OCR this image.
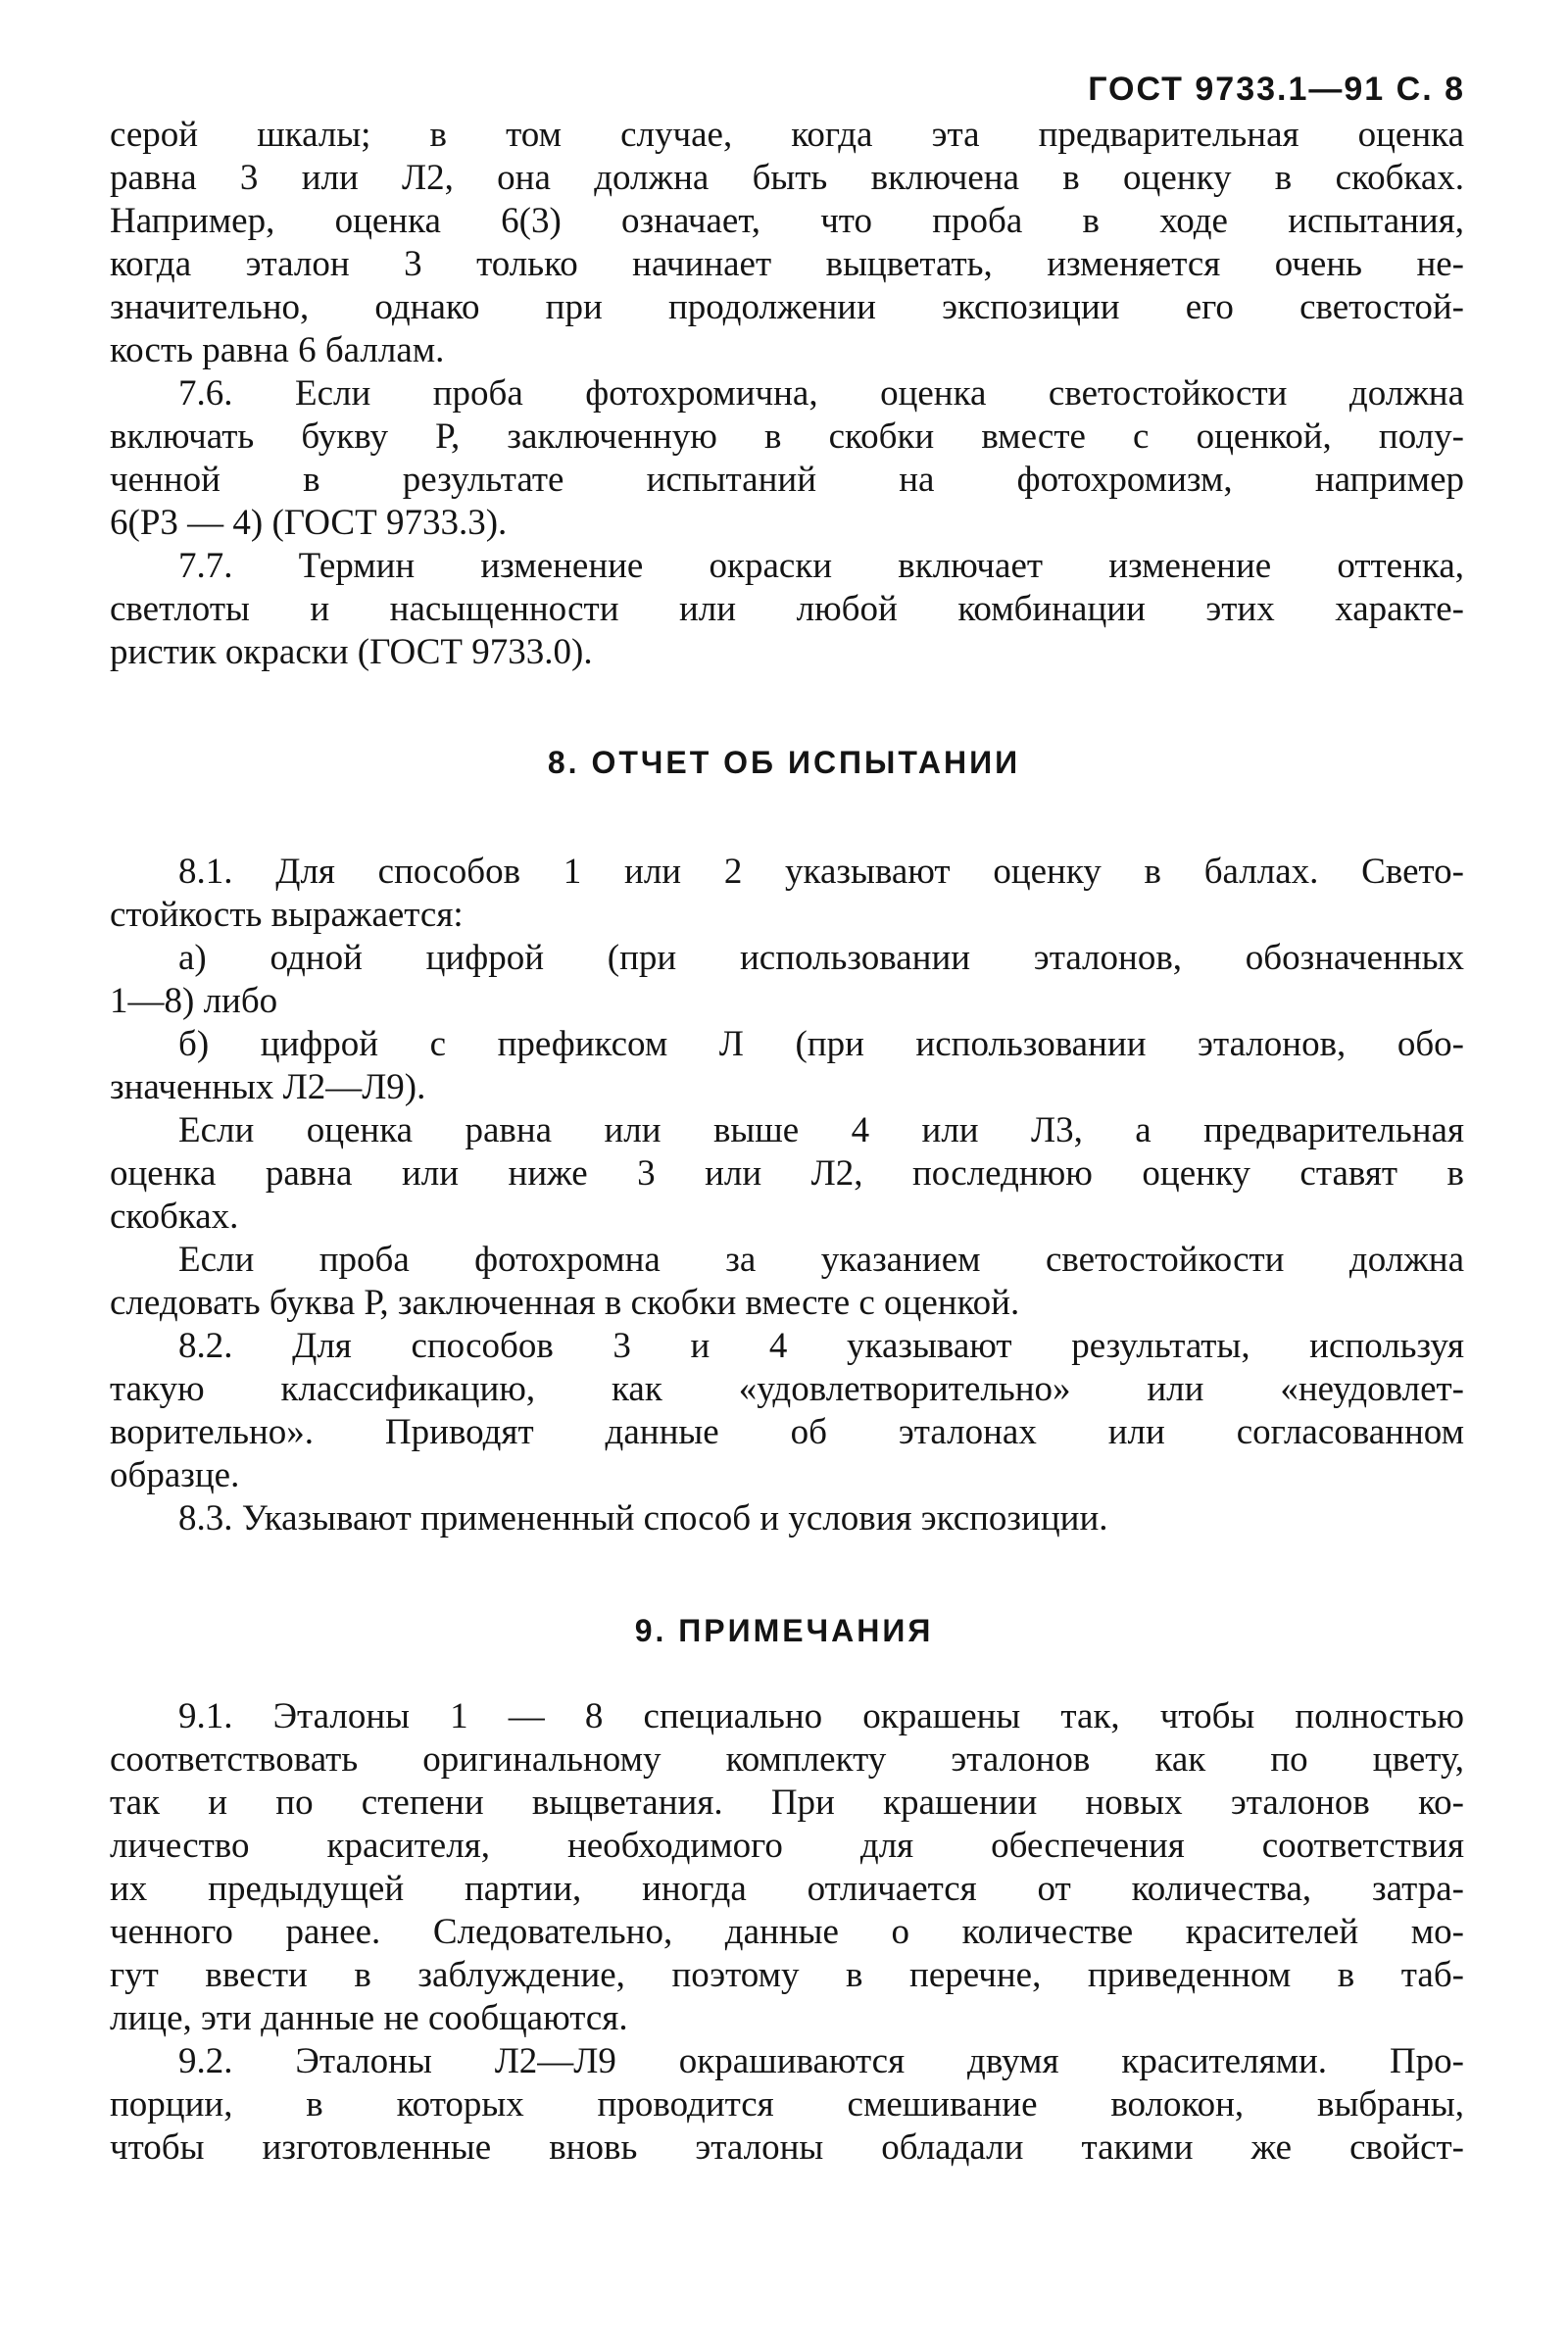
ГОСТ 9733.1—91 С. 8
серой шкалы; в том случае, когда эта предварительная оценка
равна 3 или Л2, она должна быть включена в оценку в скобках.
Например, оценка 6(3) означает, что проба в ходе испытания,
когда эталон 3 только начинает выцветать, изменяется очень не-
значительно, однако при продолжении экспозиции его светостой-
кость равна 6 баллам.
7.6. Если проба фотохромична, оценка светостойкости должна
включать букву Р, заключенную в скобки вместе с оценкой, полу-
ченной в результате испытаний на фотохромизм, например
6(Р3 — 4) (ГОСТ 9733.3).
7.7. Термин изменение окраски включает изменение оттенка,
светлоты и насыщенности или любой комбинации этих характе-
ристик окраски (ГОСТ 9733.0).
8. ОТЧЕТ ОБ ИСПЫТАНИИ
8.1. Для способов 1 или 2 указывают оценку в баллах. Свето-
стойкость выражается:
а) одной цифрой (при использовании эталонов, обозначенных
1—8) либо
б) цифрой с префиксом Л (при использовании эталонов, обо-
значенных Л2—Л9).
Если оценка равна или выше 4 или Л3, а предварительная
оценка равна или ниже 3 или Л2, последнюю оценку ставят в
скобках.
Если проба фотохромна за указанием светостойкости должна
следовать буква Р, заключенная в скобки вместе с оценкой.
8.2. Для способов 3 и 4 указывают результаты, используя
такую классификацию, как «удовлетворительно» или «неудовлет-
ворительно». Приводят данные об эталонах или согласованном
образце.
8.3. Указывают примененный способ и условия экспозиции.
9. ПРИМЕЧАНИЯ
9.1. Эталоны 1 — 8 специально окрашены так, чтобы полностью
соответствовать оригинальному комплекту эталонов как по цвету,
так и по степени выцветания. При крашении новых эталонов ко-
личество красителя, необходимого для обеспечения соответствия
их предыдущей партии, иногда отличается от количества, затра-
ченного ранее. Следовательно, данные о количестве красителей мо-
гут ввести в заблуждение, поэтому в перечне, приведенном в таб-
лице, эти данные не сообщаются.
9.2. Эталоны Л2—Л9 окрашиваются двумя красителями. Про-
порции, в которых проводится смешивание волокон, выбраны,
чтобы изготовленные вновь эталоны обладали такими же свойст-
